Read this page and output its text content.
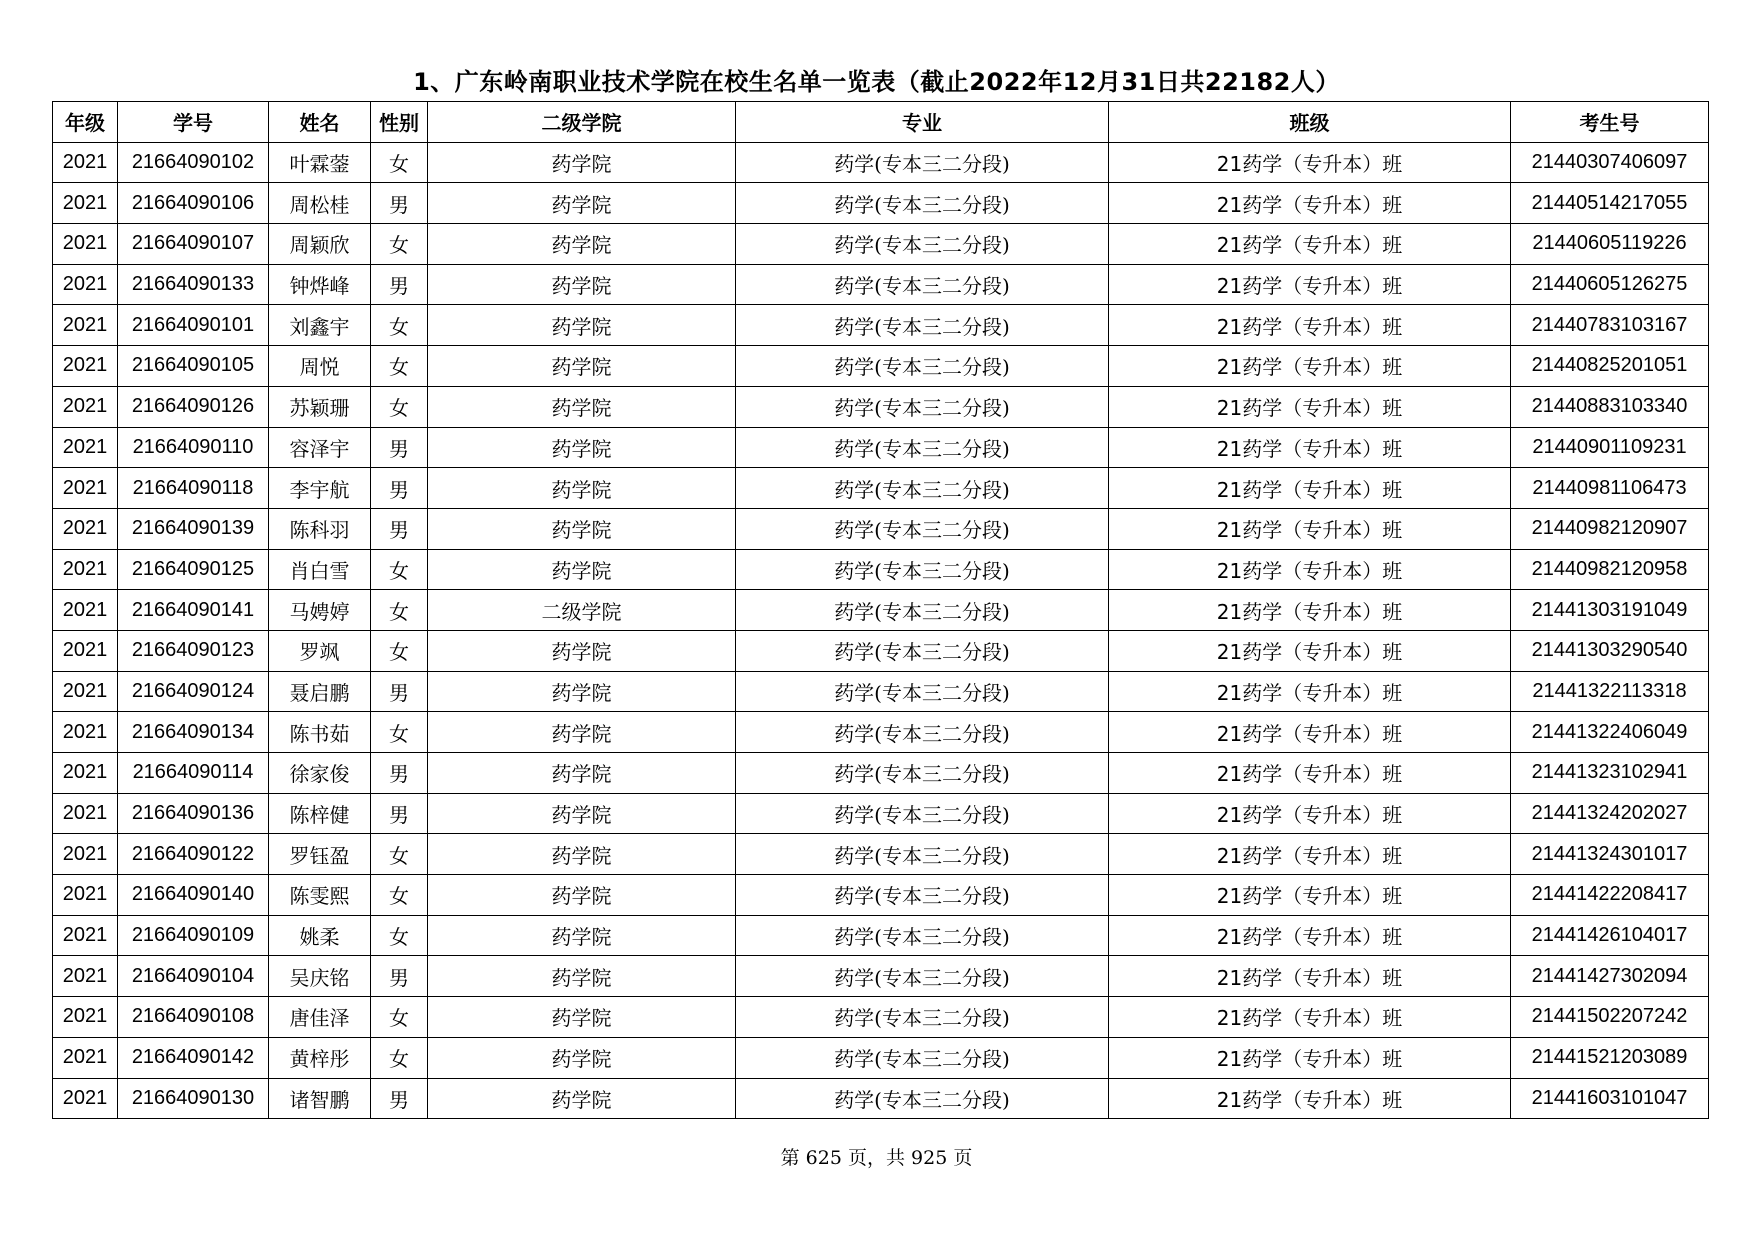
1、广东岭南职业技术学院在校生名单一览表（截止2022年12月31日共22182人）
年级	学号	姓名	性别	二级学院	专业	班级	考生号
2021	21664090102	叶霖蓥	女	药学院	药学(专本三二分段)	21药学（专升本）班	21440307406097
2021	21664090106	周松桂	男	药学院	药学(专本三二分段)	21药学（专升本）班	21440514217055
2021	21664090107	周颖欣	女	药学院	药学(专本三二分段)	21药学（专升本）班	21440605119226
2021	21664090133	钟烨峰	男	药学院	药学(专本三二分段)	21药学（专升本）班	21440605126275
2021	21664090101	刘鑫宇	女	药学院	药学(专本三二分段)	21药学（专升本）班	21440783103167
2021	21664090105	周悦	女	药学院	药学(专本三二分段)	21药学（专升本）班	21440825201051
2021	21664090126	苏颖珊	女	药学院	药学(专本三二分段)	21药学（专升本）班	21440883103340
2021	21664090110	容泽宇	男	药学院	药学(专本三二分段)	21药学（专升本）班	21440901109231
2021	21664090118	李宇航	男	药学院	药学(专本三二分段)	21药学（专升本）班	21440981106473
2021	21664090139	陈科羽	男	药学院	药学(专本三二分段)	21药学（专升本）班	21440982120907
2021	21664090125	肖白雪	女	药学院	药学(专本三二分段)	21药学（专升本）班	21440982120958
2021	21664090141	马娉婷	女	二级学院	药学(专本三二分段)	21药学（专升本）班	21441303191049
2021	21664090123	罗飒	女	药学院	药学(专本三二分段)	21药学（专升本）班	21441303290540
2021	21664090124	聂启鹏	男	药学院	药学(专本三二分段)	21药学（专升本）班	21441322113318
2021	21664090134	陈书茹	女	药学院	药学(专本三二分段)	21药学（专升本）班	21441322406049
2021	21664090114	徐家俊	男	药学院	药学(专本三二分段)	21药学（专升本）班	21441323102941
2021	21664090136	陈梓健	男	药学院	药学(专本三二分段)	21药学（专升本）班	21441324202027
2021	21664090122	罗钰盈	女	药学院	药学(专本三二分段)	21药学（专升本）班	21441324301017
2021	21664090140	陈雯熙	女	药学院	药学(专本三二分段)	21药学（专升本）班	21441422208417
2021	21664090109	姚柔	女	药学院	药学(专本三二分段)	21药学（专升本）班	21441426104017
2021	21664090104	吴庆铭	男	药学院	药学(专本三二分段)	21药学（专升本）班	21441427302094
2021	21664090108	唐佳泽	女	药学院	药学(专本三二分段)	21药学（专升本）班	21441502207242
2021	21664090142	黄梓彤	女	药学院	药学(专本三二分段)	21药学（专升本）班	21441521203089
2021	21664090130	诸智鹏	男	药学院	药学(专本三二分段)	21药学（专升本）班	21441603101047
第 625 页，共 925 页
